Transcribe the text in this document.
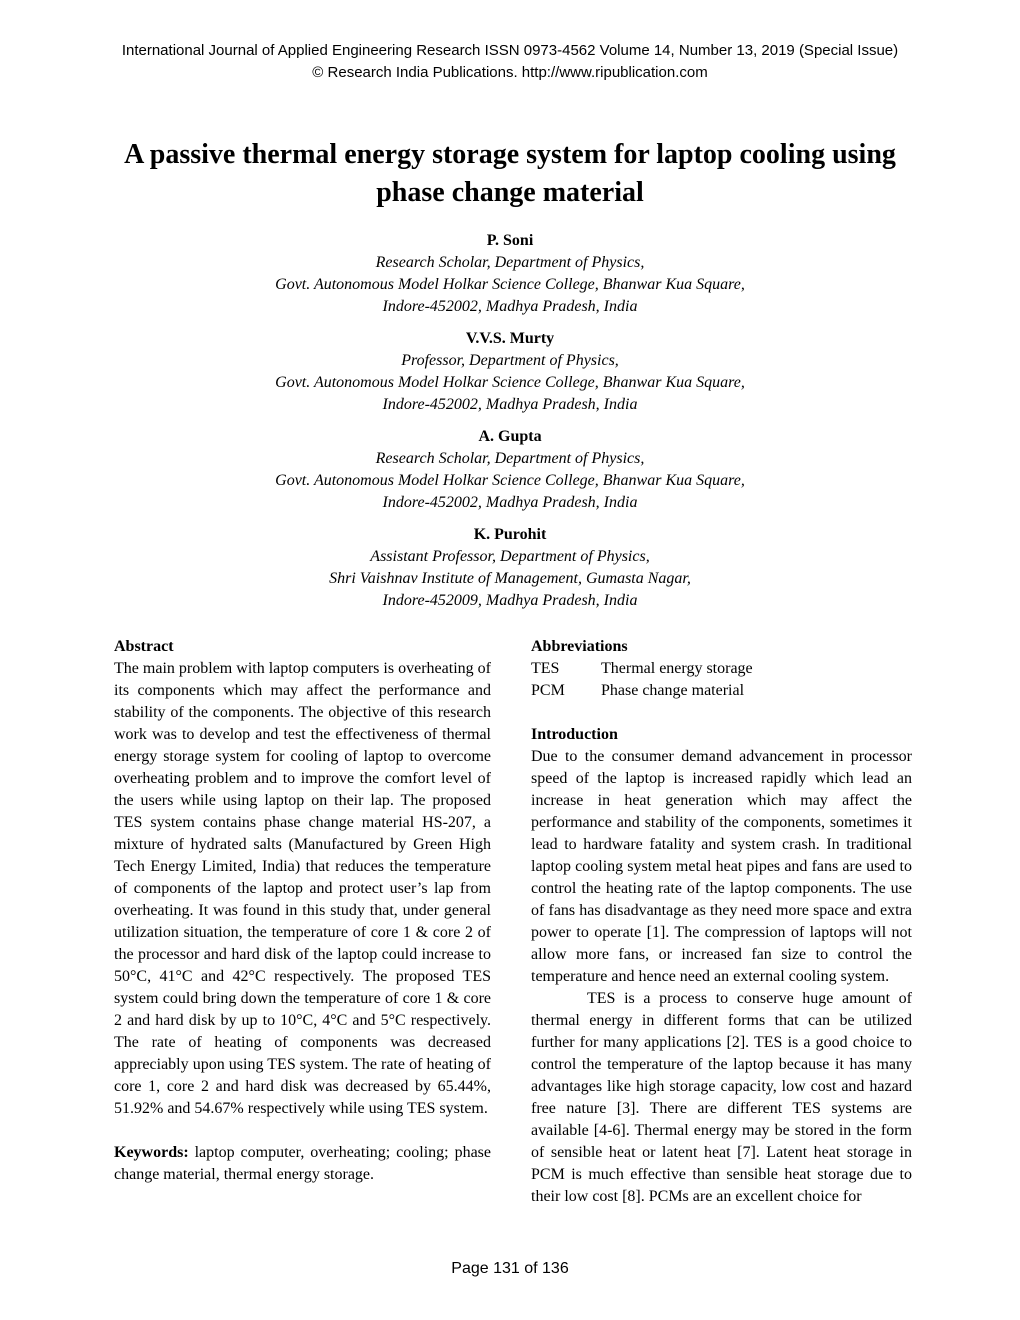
International Journal of Applied Engineering Research ISSN 0973-4562 Volume 14, Number 13, 2019 (Special Issue)
© Research India Publications. http://www.ripublication.com
A passive thermal energy storage system for laptop cooling using phase change material
P. Soni
Research Scholar, Department of Physics,
Govt. Autonomous Model Holkar Science College, Bhanwar Kua Square,
Indore-452002, Madhya Pradesh, India
V.V.S. Murty
Professor, Department of Physics,
Govt. Autonomous Model Holkar Science College, Bhanwar Kua Square,
Indore-452002, Madhya Pradesh, India
A. Gupta
Research Scholar, Department of Physics,
Govt. Autonomous Model Holkar Science College, Bhanwar Kua Square,
Indore-452002, Madhya Pradesh, India
K. Purohit
Assistant Professor, Department of Physics,
Shri Vaishnav Institute of Management, Gumasta Nagar,
Indore-452009, Madhya Pradesh, India
Abstract

The main problem with laptop computers is overheating of its components which may affect the performance and stability of the components. The objective of this research work was to develop and test the effectiveness of thermal energy storage system for cooling of laptop to overcome overheating problem and to improve the comfort level of the users while using laptop on their lap. The proposed TES system contains phase change material HS-207, a mixture of hydrated salts (Manufactured by Green High Tech Energy Limited, India) that reduces the temperature of components of the laptop and protect user’s lap from overheating. It was found in this study that, under general utilization situation, the temperature of core 1 & core 2 of the processor and hard disk of the laptop could increase to 50°C, 41°C and 42°C respectively. The proposed TES system could bring down the temperature of core 1 & core 2 and hard disk by up to 10°C, 4°C and 5°C respectively. The rate of heating of components was decreased appreciably upon using TES system. The rate of heating of core 1, core 2 and hard disk was decreased by 65.44%, 51.92% and 54.67% respectively while using TES system.

Keywords: laptop computer, overheating; cooling; phase change material, thermal energy storage.

Abbreviations
TES	Thermal energy storage
PCM	Phase change material
Introduction

Due to the consumer demand advancement in processor speed of the laptop is increased rapidly which lead an increase in heat generation which may affect the performance and stability of the components, sometimes it lead to hardware fatality and system crash. In traditional laptop cooling system metal heat pipes and fans are used to control the heating rate of the laptop components. The use of fans has disadvantage as they need more space and extra power to operate [1]. The compression of laptops will not allow more fans, or increased fan size to control the temperature and hence need an external cooling system.

TES is a process to conserve huge amount of thermal energy in different forms that can be utilized further for many applications [2]. TES is a good choice to control the temperature of the laptop because it has many advantages like high storage capacity, low cost and hazard free nature [3]. There are different TES systems are available [4-6]. Thermal energy may be stored in the form of sensible heat or latent heat [7]. Latent heat storage in PCM is much effective than sensible heat storage due to their low cost [8]. PCMs are an excellent choice for

Page 131 of 136
